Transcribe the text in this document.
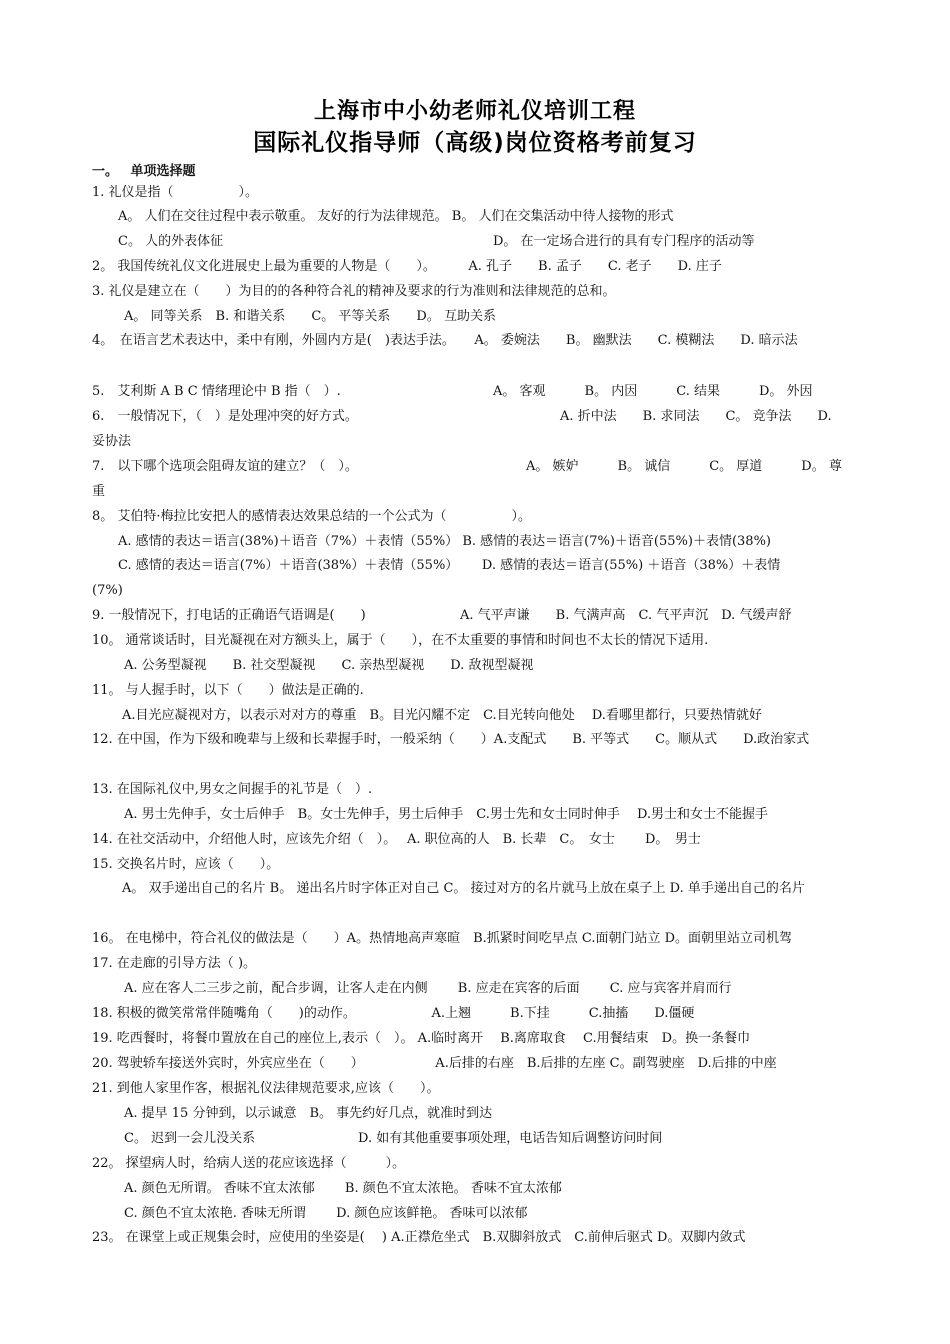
上海市中小幼老师礼仪培训工程
国际礼仪指导师（高级)岗位资格考前复习
一。 单项选择题
1. 礼仪是指（　　　　　）。
A。 人们在交往过程中表示敬重。 友好的行为法律规范。 B。 人们在交集活动中待人接物的形式
C。 人的外表体征	D。 在一定场合进行的具有专门程序的活动等
2。 我国传统礼仪文化进展史上最为重要的人物是（　　）。　　　A. 孔子　　B. 孟子　　C. 老子　　D. 庄子
3. 礼仪是建立在（　　）为目的的各种符合礼的精神及要求的行为准则和法律规范的总和。
A。 同等关系　B. 和谐关系　　C。 平等关系　　D。 互助关系
4。　在语言艺术表达中，柔中有刚，外圆内方是(　)表达手法。　　A。 委婉法　　B。 幽默法　　C. 模糊法　　D. 暗示法
5.　艾利斯 A B C 情绪理论中 B 指（　）.	A。 客观　　　B。 内因　　　C. 结果　　　D。 外因
6.　一般情况下，（　）是处理冲突的好方式。	A. 折中法　　B. 求同法　　C。 竞争法　　D.
妥协法
7.　以下哪个选项会阻碍友谊的建立？（　）。	A。 嫉妒　　　B。 诚信　　　C。 厚道　　　D。 尊
重
8。 艾伯特·梅拉比安把人的感情表达效果总结的一个公式为（　　　　　）。
A. 感情的表达＝语言(38%)＋语音（7%）＋表情（55%） B. 感情的表达＝语言(7%)＋语音(55%)＋表情(38%)
C. 感情的表达＝语言(7%）＋语音(38%）＋表情（55%）　　 D. 感情的表达＝语言(55%) ＋语音（38%）＋表情
(7%)
9. 一般情况下，打电话的正确语气语调是(　　)	A. 气平声谦　　B. 气满声高　C. 气平声沉　D. 气缓声舒
10。 通常谈话时，目光凝视在对方额头上，属于（　　），在不太重要的事情和时间也不太长的情况下适用.
A. 公务型凝视　　B. 社交型凝视　　C. 亲热型凝视　　D. 敌视型凝视
11。 与人握手时，以下（　　）做法是正确的.
A.目光应凝视对方，以表示对对方的尊重　B。目光闪耀不定　C.目光转向他处　 D.看哪里都行，只要热情就好
12. 在中国，作为下级和晚辈与上级和长辈握手时，一般采纳（　　）A.支配式　　B. 平等式　　C。顺从式　　D.政治家式
13. 在国际礼仪中,男女之间握手的礼节是（　）.
A. 男士先伸手，女士后伸手　B。女士先伸手，男士后伸手　C.男士先和女士同时伸手　 D.男士和女士不能握手
14. 在社交活动中，介绍他人时，应该先介绍（　）。　 A. 职位高的人　B. 长辈　C。　女士　　 D。　男士
15. 交换名片时，应该（　　）。
A。 双手递出自己的名片 B。 递出名片时字体正对自己 C。 接过对方的名片就马上放在桌子上 D. 单手递出自己的名片
16。 在电梯中，符合礼仪的做法是（　　）A。热情地高声寒暄　B.抓紧时间吃早点 C.面朝门站立 D。面朝里站立司机驾
17. 在走廊的引导方法（ )。
A. 应在客人二三步之前，配合步调，让客人走在内侧　　 B. 应走在宾客的后面　　 C. 应与宾客并肩而行
18. 积极的微笑常常伴随嘴角（　　)的动作。　　　　　　 A.上翘　　　B.下挂　　　C.抽搐　　D.僵硬
19. 吃西餐时，将餐巾置放在自己的座位上,表示（　）。 A.临时离开　 B.离席取食　 C.用餐结束　D。换一条餐巾
20. 驾驶轿车接送外宾时，外宾应坐在（　　）　　　　　　A.后排的右座　B.后排的左座 C。副驾驶座　D.后排的中座
21. 到他人家里作客，根据礼仪法律规范要求,应该（　　）。
A. 提早 15 分钟到，以示诚意　B。 事先约好几点，就准时到达
C。 迟到一会儿没关系	D. 如有其他重要事项处理，电话告知后调整访问时间
22。 探望病人时，给病人送的花应该选择（　　　）。
A. 颜色无所谓。 香味不宜太浓郁　　 B. 颜色不宜太浓艳。 香味不宜太浓郁
C. 颜色不宜太浓艳. 香味无所谓　　 D. 颜色应该鲜艳。 香味可以浓郁
23。 在课堂上或正规集会时，应使用的坐姿是(　 ) A.正襟危坐式　B.双脚斜放式　C.前伸后驱式 D。双脚内敛式
